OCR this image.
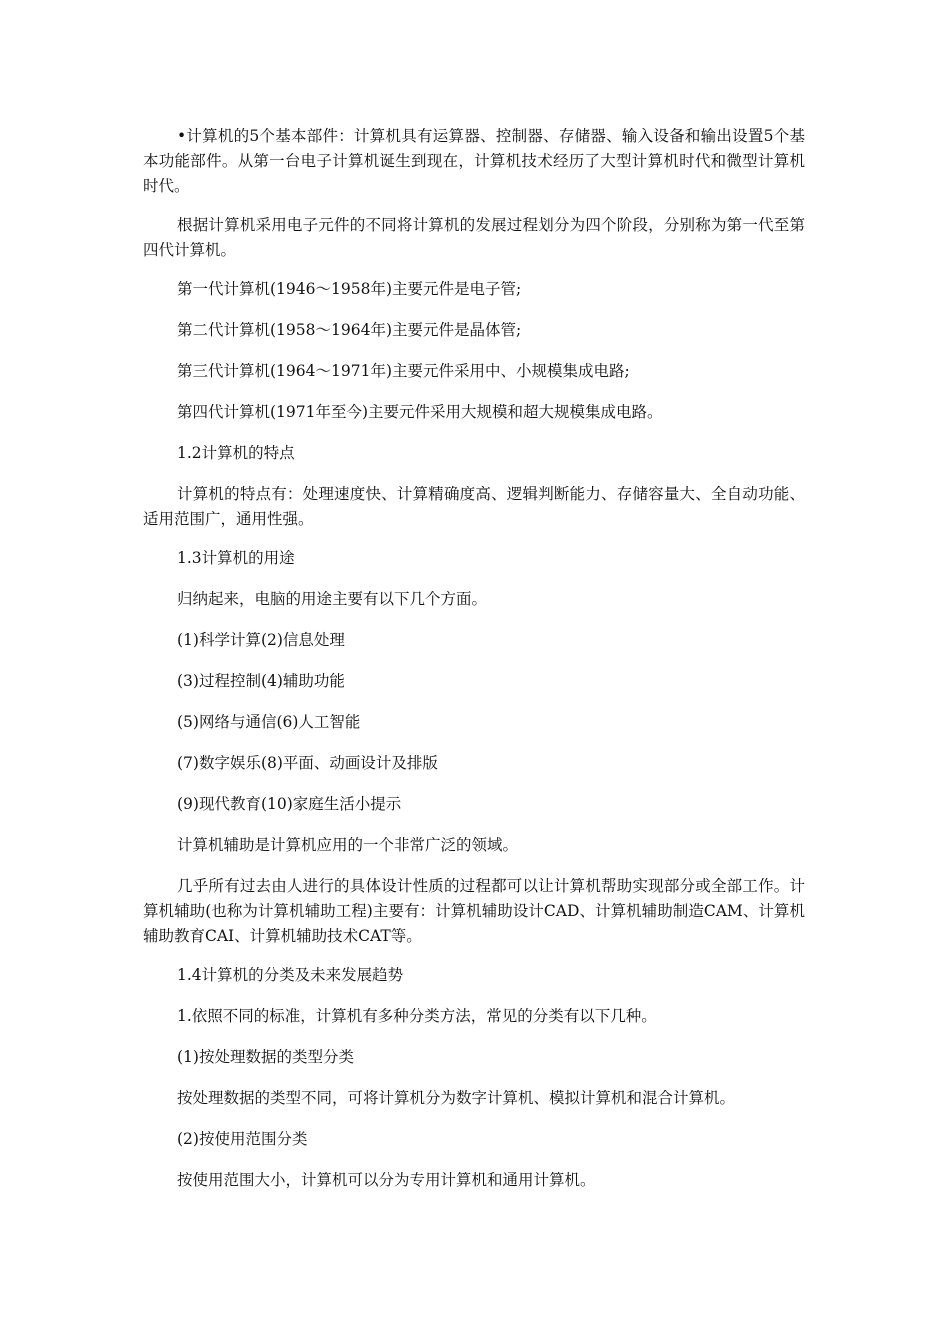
•计算机的5个基本部件：计算机具有运算器、控制器、存储器、输入设备和输出设置5个基本功能部件。从第一台电子计算机诞生到现在，计算机技术经历了大型计算机时代和微型计算机时代。

根据计算机采用电子元件的不同将计算机的发展过程划分为四个阶段，分别称为第一代至第四代计算机。

第一代计算机(1946～1958年)主要元件是电子管;

第二代计算机(1958～1964年)主要元件是晶体管;

第三代计算机(1964～1971年)主要元件采用中、小规模集成电路;

第四代计算机(1971年至今)主要元件采用大规模和超大规模集成电路。

1.2计算机的特点

计算机的特点有：处理速度快、计算精确度高、逻辑判断能力、存储容量大、全自动功能、适用范围广，通用性强。

1.3计算机的用途

归纳起来，电脑的用途主要有以下几个方面。

(1)科学计算(2)信息处理

(3)过程控制(4)辅助功能

(5)网络与通信(6)人工智能

(7)数字娱乐(8)平面、动画设计及排版

(9)现代教育(10)家庭生活小提示

计算机辅助是计算机应用的一个非常广泛的领域。

几乎所有过去由人进行的具体设计性质的过程都可以让计算机帮助实现部分或全部工作。计算机辅助(也称为计算机辅助工程)主要有：计算机辅助设计CAD、计算机辅助制造CAM、计算机辅助教育CAI、计算机辅助技术CAT等。

1.4计算机的分类及未来发展趋势

1.依照不同的标准，计算机有多种分类方法，常见的分类有以下几种。

(1)按处理数据的类型分类

按处理数据的类型不同，可将计算机分为数字计算机、模拟计算机和混合计算机。

(2)按使用范围分类

按使用范围大小，计算机可以分为专用计算机和通用计算机。
